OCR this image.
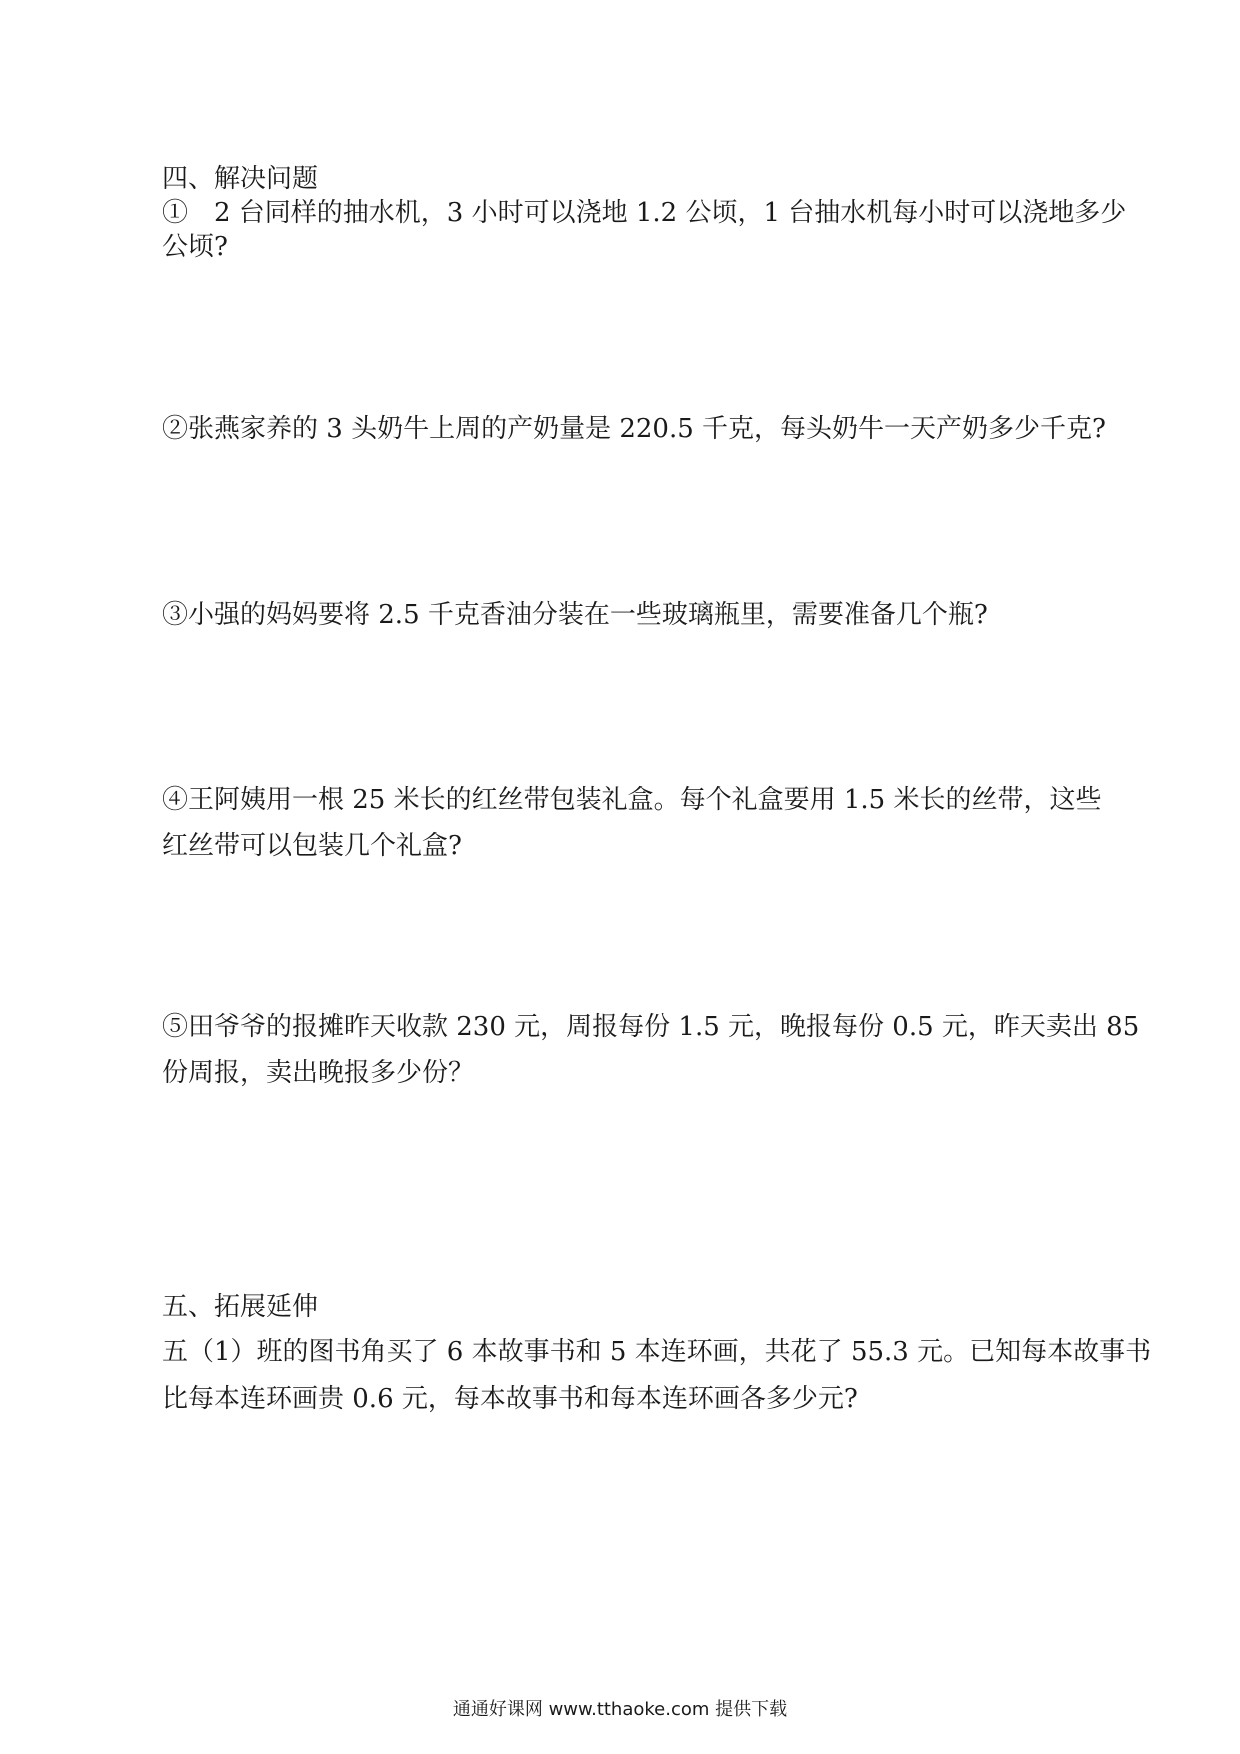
四、解决问题

①　2 台同样的抽水机，3 小时可以浇地 1.2 公顷，1 台抽水机每小时可以浇地多少

公顷?

②张燕家养的 3 头奶牛上周的产奶量是 220.5 千克，每头奶牛一天产奶多少千克?

③小强的妈妈要将 2.5 千克香油分装在一些玻璃瓶里，需要准备几个瓶?

④王阿姨用一根 25 米长的红丝带包装礼盒。每个礼盒要用 1.5 米长的丝带，这些

红丝带可以包装几个礼盒?

⑤田爷爷的报摊昨天收款 230 元，周报每份 1.5 元，晚报每份 0.5 元，昨天卖出 85

份周报，卖出晚报多少份？

五、拓展延伸

五（1）班的图书角买了 6 本故事书和 5 本连环画，共花了 55.3 元。已知每本故事书

比每本连环画贵 0.6 元，每本故事书和每本连环画各多少元?

通通好课网 www.tthaoke.com 提供下载
